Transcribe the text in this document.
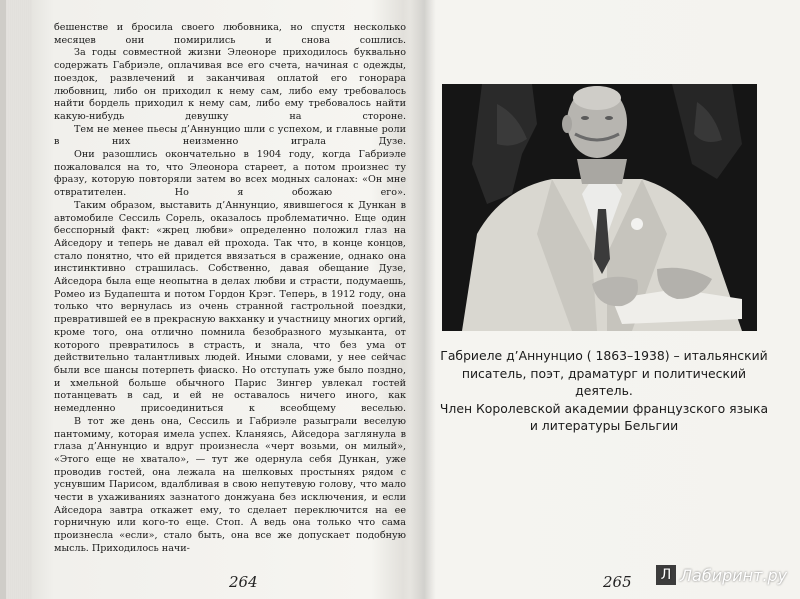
бешенстве и бросила своего любовника, но спустя несколько месяцев они помирились и снова сошлись.

За годы совместной жизни Элеоноре приходилось буквально содержать Габриэле, оплачивая все его счета, начиная с одежды, поездок, развлечений и заканчивая оплатой его гонорара любовниц, либо он приходил к нему сам, либо ему требовалось найти бордель приходил к нему сам, либо ему требовалось найти какую-нибудь девушку на стороне.

Тем не менее пьесы д’Аннунцио шли с успехом, и главные роли в них неизменно играла Дузе.

Они разошлись окончательно в 1904 году, когда Габриэле пожаловался на то, что Элеонора стареет, а потом произнес ту фразу, которую повторяли затем во всех модных салонах: «Он мне отвратителен. Но я обожаю его».

Таким образом, выставить д’Аннунцио, явившегося к Дункан в автомобиле Сессиль Сорель, оказалось проблематично. Еще один бесспорный факт: «жрец любви» определенно положил глаз на Айседору и теперь не давал ей прохода. Так что, в конце концов, стало понятно, что ей придется ввязаться в сражение, однако она инстинктивно страшилась. Собственно, давая обещание Дузе, Айседора была еще неопытна в делах любви и страсти, подумаешь, Ромео из Будапешта и потом Гордон Крэг. Теперь, в 1912 году, она только что вернулась из очень странной гастрольной поездки, превратившей ее в прекрасную вакханку и участницу многих оргий, кроме того, она отлично помнила безобразного музыканта, от которого превратилось в страсть, и знала, что без ума от действительно талантливых людей. Иными словами, у нее сейчас были все шансы потерпеть фиаско. Но отступать уже было поздно, и хмельной больше обычного Парис Зингер увлекал гостей потанцевать в сад, и ей не оставалось ничего иного, как немедленно присоединиться к всеобщему веселью.

В тот же день она, Сессиль и Габриэле разыграли веселую пантомиму, которая имела успех. Кланяясь, Айседора заглянула в глаза д’Аннунцио и вдруг произнесла «черт возьми, он милый», «Этого еще не хватало», — тут же одернула себя Дункан, уже проводив гостей, она лежала на шелковых простынях рядом с уснувшим Парисом, вдалбливая в свою непутевую голову, что мало чести в ухаживаниях зазнатого донжуана без исключения, и если Айседора завтра откажет ему, то сделает переключится на ее горничную или кого-то еще. Стоп. А ведь она только что сама произнесла «если», стало быть, она все же допускает подобную мысль. Приходилось начи-

264
Габриеле д’Аннунцио ( 1863–1938) – итальянский
писатель, поэт, драматург и политический деятель.
Член Королевской академии французского языка
и литературы Бельгии
265	Л Лабиринт.ру
